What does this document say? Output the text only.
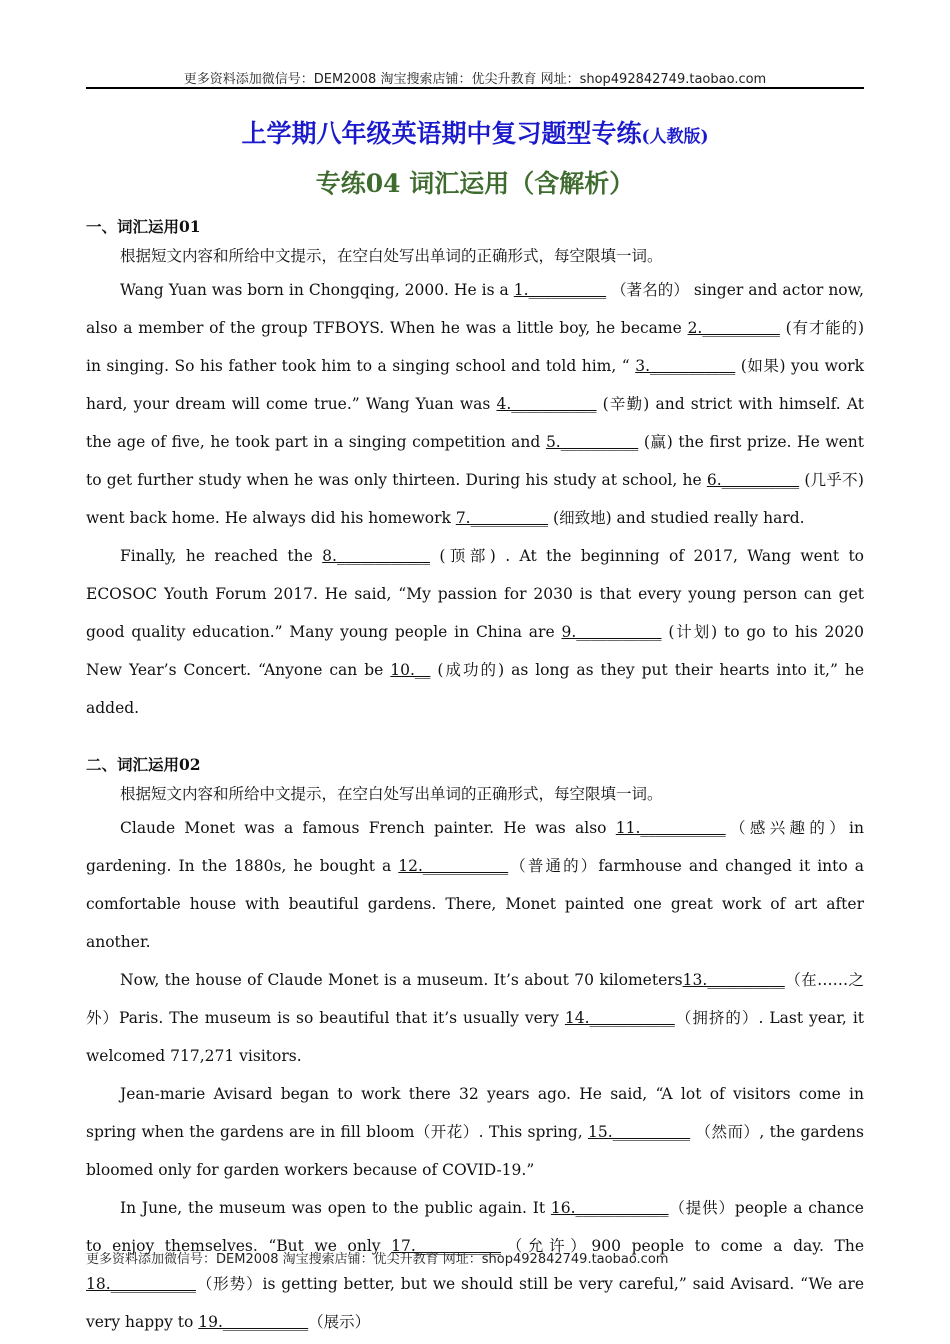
更多资料添加微信号：DEM2008 淘宝搜索店铺：优尖升教育 网址：shop492842749.taobao.com
上学期八年级英语期中复习题型专练(人教版)
专练04 词汇运用（含解析）
一、词汇运用01
根据短文内容和所给中文提示，在空白处写出单词的正确形式，每空限填一词。

Wang Yuan was born in Chongqing, 2000. He is a 1.__________ （著名的） singer and actor now, also a member of the group TFBOYS. When he was a little boy, he became 2.__________ (有才能的) in singing. So his father took him to a singing school and told him, “ 3.___________ (如果) you work hard, your dream will come true.” Wang Yuan was 4.___________ (辛勤) and strict with himself. At the age of five, he took part in a singing competition and 5.__________ (赢) the first prize. He went to get further study when he was only thirteen. During his study at school, he 6.__________ (几乎不) went back home. He always did his homework 7.__________ (细致地) and studied really hard.

Finally, he reached the 8.____________ (顶部) . At the beginning of 2017, Wang went to ECOSOC Youth Forum 2017. He said, “My passion for 2030 is that every young person can get good quality education.” Many young people in China are 9.___________ (计划) to go to his 2020 New Year’s Concert. “Anyone can be 10.__ (成功的) as long as they put their hearts into it,” he added.

二、词汇运用02
根据短文内容和所给中文提示，在空白处写出单词的正确形式，每空限填一词。

Claude Monet was a famous French painter. He was also 11.___________（感兴趣的）in gardening. In the 1880s, he bought a 12.___________（普通的）farmhouse and changed it into a comfortable house with beautiful gardens. There, Monet painted one great work of art after another.

Now, the house of Claude Monet is a museum. It’s about 70 kilometers13.__________（在……之外）Paris. The museum is so beautiful that it’s usually very 14.___________（拥挤的）. Last year, it welcomed 717,271 visitors.

Jean-marie Avisard began to work there 32 years ago. He said, “A lot of visitors come in spring when the gardens are in fill bloom（开花）. This spring, 15.__________ （然而）, the gardens bloomed only for garden workers because of COVID-19.”

In June, the museum was open to the public again. It 16.____________（提供）people a chance to enjoy themselves. “But we only 17.___________（允许）900 people to come a day. The 18.___________（形势）is getting better, but we should still be very careful,” said Avisard. “We are very happy to 19.___________（展示）

更多资料添加微信号：DEM2008 淘宝搜索店铺：优尖升教育 网址：shop492842749.taobao.com
